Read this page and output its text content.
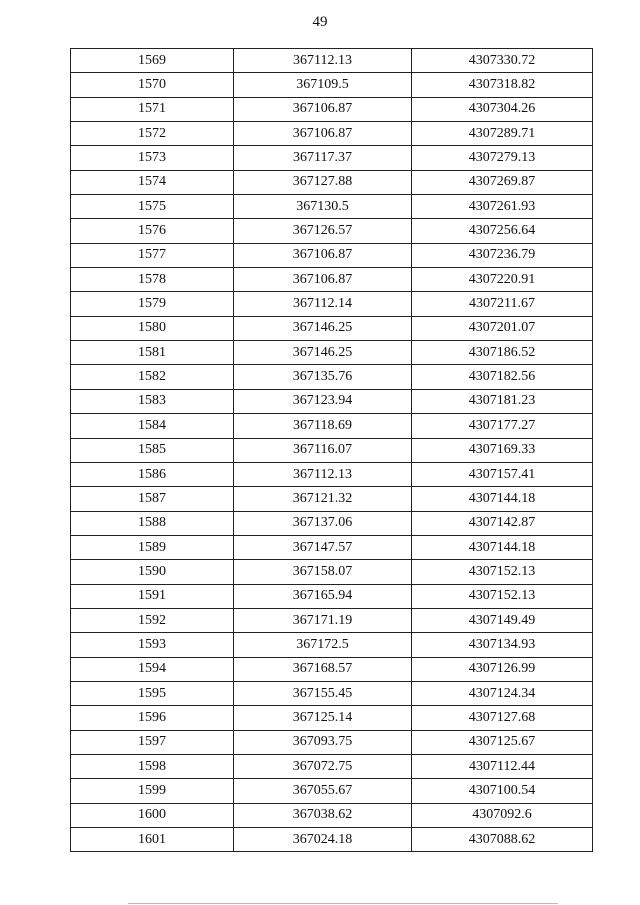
49
1569	367112.13	4307330.72
1570	367109.5	4307318.82
1571	367106.87	4307304.26
1572	367106.87	4307289.71
1573	367117.37	4307279.13
1574	367127.88	4307269.87
1575	367130.5	4307261.93
1576	367126.57	4307256.64
1577	367106.87	4307236.79
1578	367106.87	4307220.91
1579	367112.14	4307211.67
1580	367146.25	4307201.07
1581	367146.25	4307186.52
1582	367135.76	4307182.56
1583	367123.94	4307181.23
1584	367118.69	4307177.27
1585	367116.07	4307169.33
1586	367112.13	4307157.41
1587	367121.32	4307144.18
1588	367137.06	4307142.87
1589	367147.57	4307144.18
1590	367158.07	4307152.13
1591	367165.94	4307152.13
1592	367171.19	4307149.49
1593	367172.5	4307134.93
1594	367168.57	4307126.99
1595	367155.45	4307124.34
1596	367125.14	4307127.68
1597	367093.75	4307125.67
1598	367072.75	4307112.44
1599	367055.67	4307100.54
1600	367038.62	4307092.6
1601	367024.18	4307088.62
